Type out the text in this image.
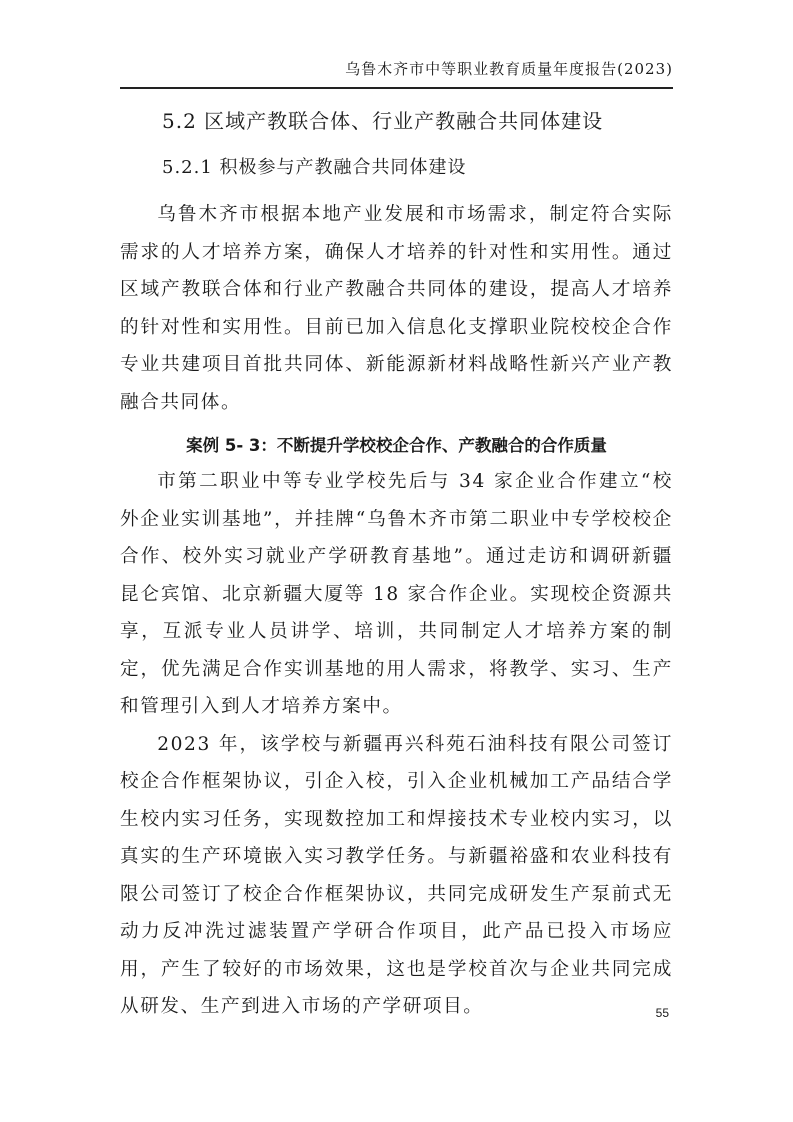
乌鲁木齐市中等职业教育质量年度报告(2023)
5.2 区域产教联合体、行业产教融合共同体建设
5.2.1 积极参与产教融合共同体建设

乌鲁木齐市根据本地产业发展和市场需求，制定符合实际需求的人才培养方案，确保人才培养的针对性和实用性。通过区域产教联合体和行业产教融合共同体的建设，提高人才培养的针对性和实用性。目前已加入信息化支撑职业院校校企合作专业共建项目首批共同体、新能源新材料战略性新兴产业产教融合共同体。

案例 5- 3：不断提升学校校企合作、产教融合的合作质量

市第二职业中等专业学校先后与 34 家企业合作建立“校外企业实训基地”，并挂牌“乌鲁木齐市第二职业中专学校校企合作、校外实习就业产学研教育基地”。通过走访和调研新疆昆仑宾馆、北京新疆大厦等 18 家合作企业。实现校企资源共享，互派专业人员讲学、培训，共同制定人才培养方案的制定，优先满足合作实训基地的用人需求，将教学、实习、生产和管理引入到人才培养方案中。

2023 年，该学校与新疆再兴科苑石油科技有限公司签订校企合作框架协议，引企入校，引入企业机械加工产品结合学生校内实习任务，实现数控加工和焊接技术专业校内实习，以真实的生产环境嵌入实习教学任务。与新疆裕盛和农业科技有限公司签订了校企合作框架协议，共同完成研发生产泵前式无动力反冲洗过滤装置产学研合作项目，此产品已投入市场应用，产生了较好的市场效果，这也是学校首次与企业共同完成从研发、生产到进入市场的产学研项目。	55
